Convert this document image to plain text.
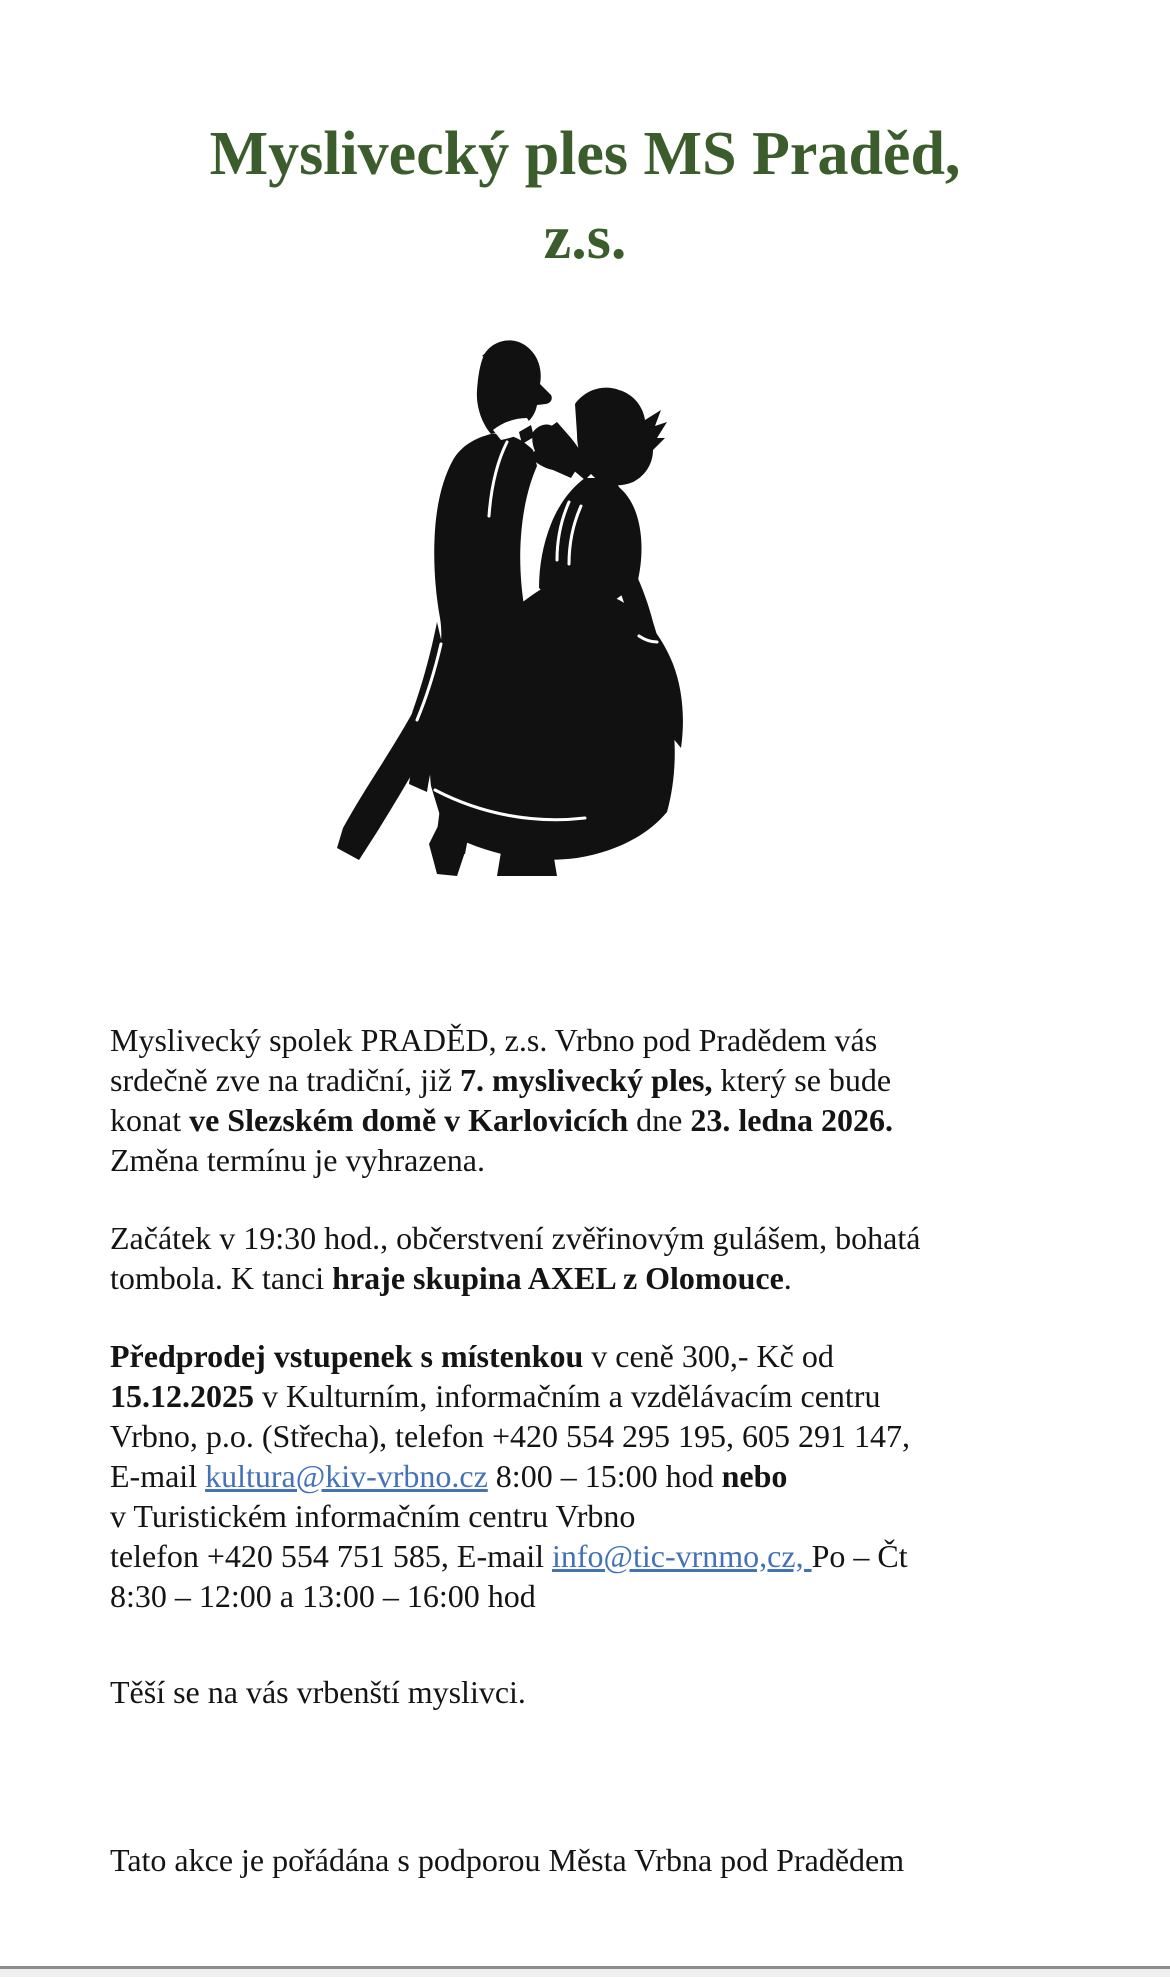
Myslivecký ples MS Praděd,
z.s.

Myslivecký spolek PRADĚD, z.s. Vrbno pod Pradědem vás
srdečně zve na tradiční, již 7. myslivecký ples, který se bude
konat ve Slezském domě v Karlovicích dne 23. ledna 2026.
Změna termínu je vyhrazena.

Začátek v 19:30 hod., občerstvení zvěřinovým gulášem, bohatá
tombola. K tanci hraje skupina AXEL z Olomouce.

Předprodej vstupenek s místenkou v ceně 300,- Kč od
15.12.2025 v Kulturním, informačním a vzdělávacím centru
Vrbno, p.o. (Střecha), telefon +420 554 295 195, 605 291 147,
E-mail kultura@kiv-vrbno.cz 8:00 – 15:00 hod nebo
v Turistickém informačním centru Vrbno
telefon +420 554 751 585, E-mail info@tic-vrnmo,cz, Po – Čt
8:30 – 12:00 a 13:00 – 16:00 hod

Těší se na vás vrbenští myslivci.

Tato akce je pořádána s podporou Města Vrbna pod Pradědem
